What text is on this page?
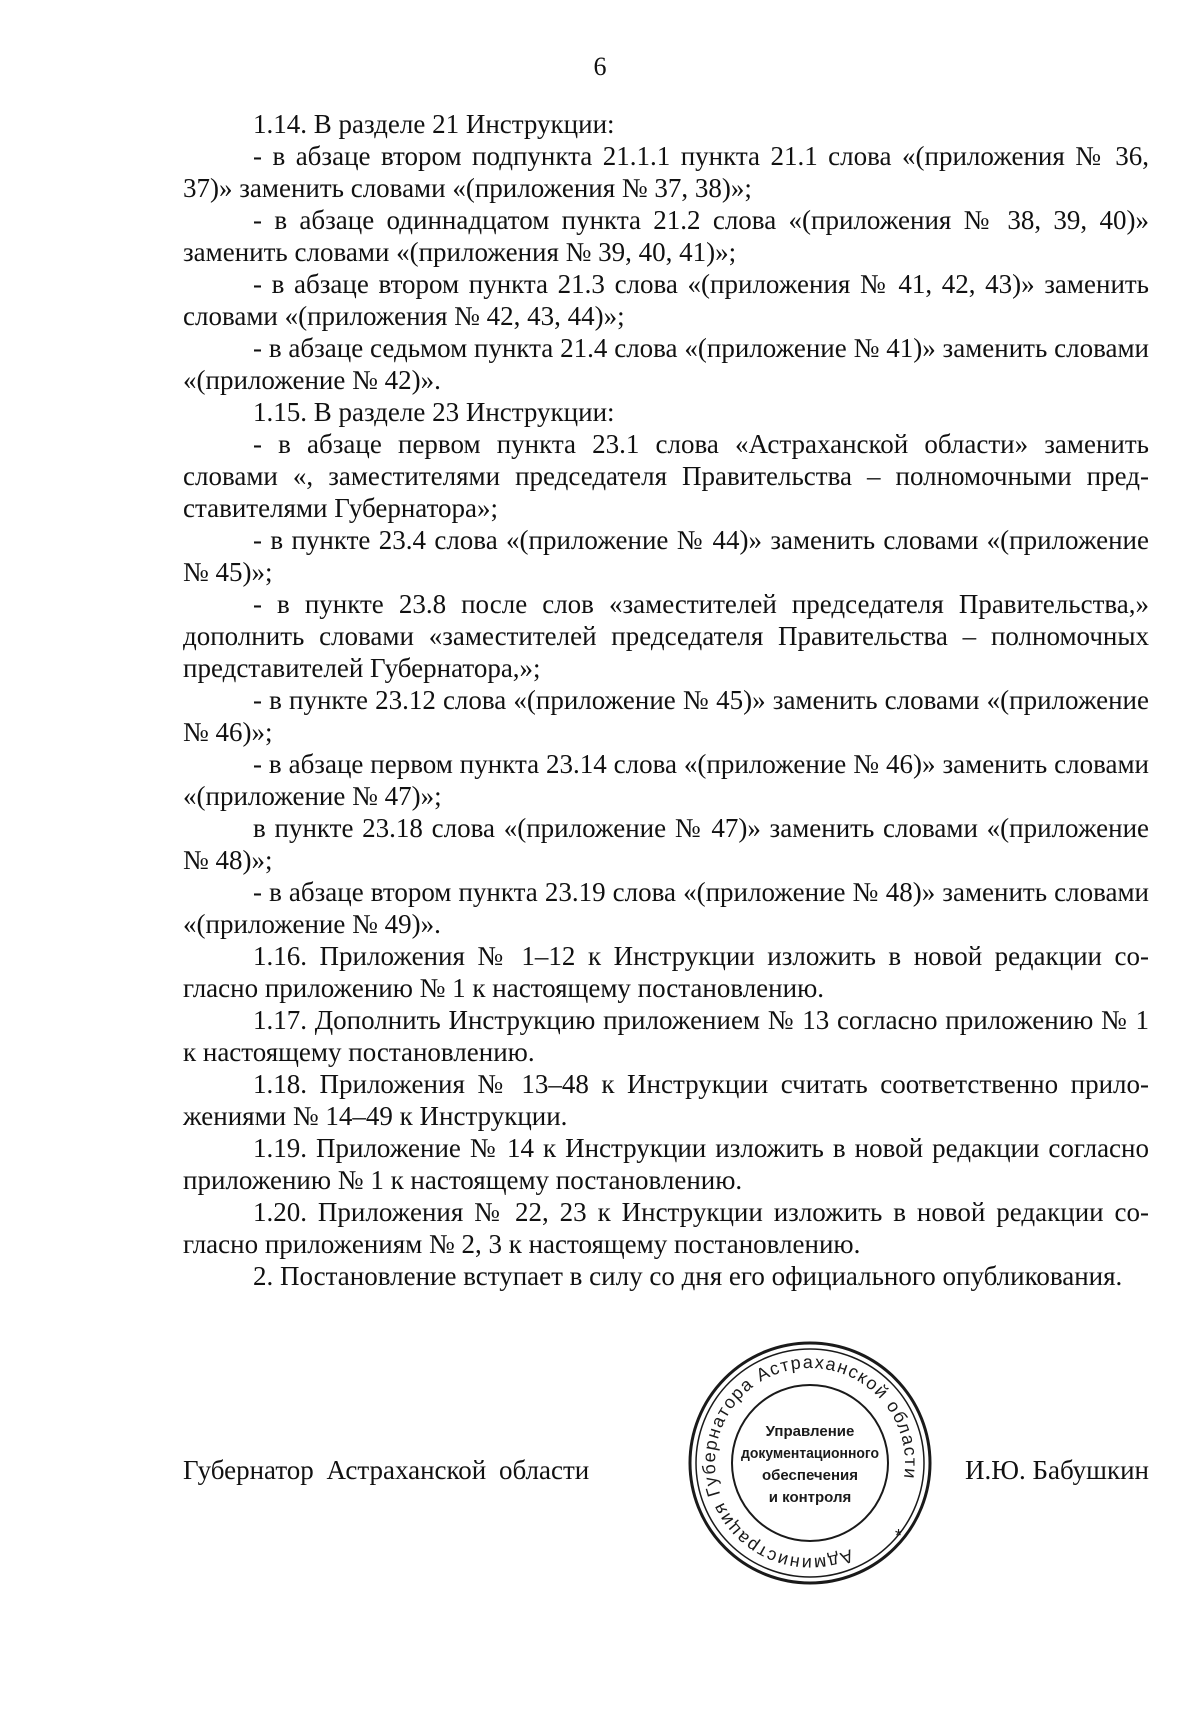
6

1.14. В разделе 21 Инструкции:

- в абзаце втором подпункта 21.1.1 пункта 21.1 слова «(приложения № 36, 37)» заменить словами «(приложения № 37, 38)»;

- в абзаце одиннадцатом пункта 21.2 слова «(приложения № 38, 39, 40)» заменить словами «(приложения № 39, 40, 41)»;

- в абзаце втором пункта 21.3 слова «(приложения № 41, 42, 43)» заменить словами «(приложения № 42, 43, 44)»;

- в абзаце седьмом пункта 21.4 слова «(приложение № 41)» заменить словами «(приложение № 42)».

1.15. В разделе 23 Инструкции:

- в абзаце первом пункта 23.1 слова «Астраханской области» заменить словами «, заместителями председателя Правительства – полномочными представителями Губернатора»;

- в пункте 23.4 слова «(приложение № 44)» заменить словами «(приложение № 45)»;

- в пункте 23.8 после слов «заместителей председателя Правительства,» дополнить словами «заместителей председателя Правительства – полномочных представителей Губернатора,»;

- в пункте 23.12 слова «(приложение № 45)» заменить словами «(приложение № 46)»;

- в абзаце первом пункта 23.14 слова «(приложение № 46)» заменить словами «(приложение № 47)»;

в пункте 23.18 слова «(приложение № 47)» заменить словами «(приложение № 48)»;

- в абзаце втором пункта 23.19 слова «(приложение № 48)» заменить словами «(приложение № 49)».

1.16. Приложения № 1–12 к Инструкции изложить в новой редакции согласно приложению № 1 к настоящему постановлению.

1.17. Дополнить Инструкцию приложением № 13 согласно приложению № 1 к настоящему постановлению.

1.18. Приложения № 13–48 к Инструкции считать соответственно приложениями № 14–49 к Инструкции.

1.19. Приложение № 14 к Инструкции изложить в новой редакции согласно приложению № 1 к настоящему постановлению.

1.20. Приложения № 22, 23 к Инструкции изложить в новой редакции согласно приложениям № 2, 3 к настоящему постановлению.

2. Постановление вступает в силу со дня его официального опубликования.

Губернатор Астраханской области	И.Ю. Бабушкин
Администрация Губернатора Астраханской области
*
Управление
документационного
обеспечения
и контроля
